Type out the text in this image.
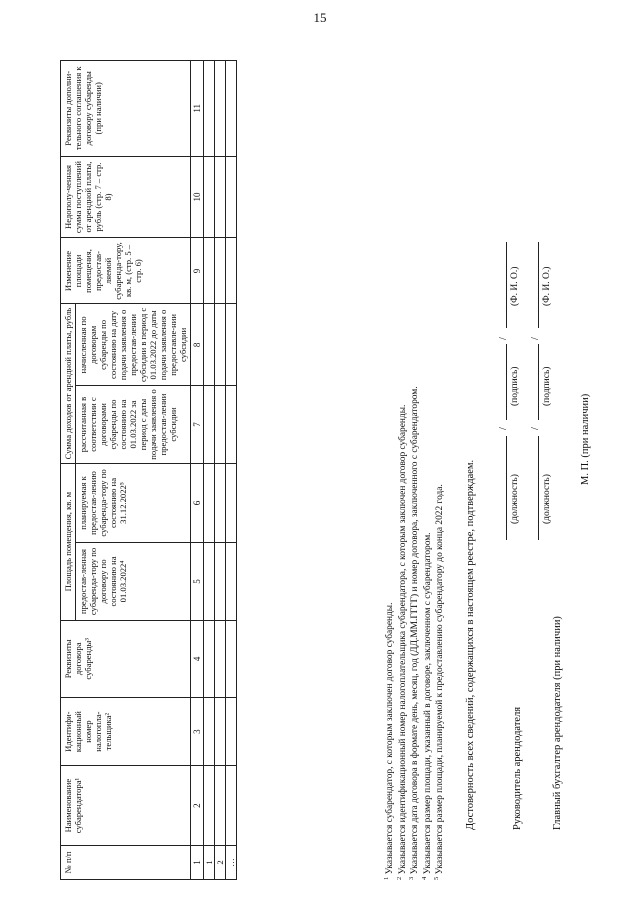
15
№ п/п	Наименование субарендатора¹	Идентифи-кационный номер налогопла-тельщика²	Реквизиты договора субаренды³	Площадь помещения, кв. м		Сумма доходов от арендной платы, рубль		Изменение площади помещения, предостав-ляемой субаренда-тору, кв. м, (стр. 5 – стр. 6)	Недополу-ченная сумма поступлений от арендной платы, рубль (стр. 7 – стр. 8)	Реквизиты дополни-тельного соглашения к договору субаренды (при наличии)
				предостав-ленная субаренда-тору по договору по состоянию на 01.03.2022⁴	планируемая к предостав-лению субаренда-тору по состоянию на 31.12.2022⁵	рассчитанная в соответствии с договорами субаренды по состоянию на 01.03.2022 за период с даты подачи заявления о предостав-лении субсидии	начисленная по договорам субаренды по состоянию на дату подачи заявления о предостав-лении субсидии в период с 01.03.2022 до даты подачи заявления о предоставле-нии субсидии			
1	2	3	4	5	6	7	8	9	10	11
1										
2										
…										
$^1$ Указывается субарендатор, с которым заключен договор субаренды.
$^2$ Указывается идентификационный номер налогоплательщика субарендатора, с которым заключен договор субаренды.
$^3$ Указывается дата договора в формате день, месяц, год (ДД.ММ.ГГГГ) и номер договора, заключенного с субарендатором.
$^4$ Указывается размер площади, указанный в договоре, заключенном с субарендатором.
$^5$ Указывается размер площади, планируемой к предоставлению субарендатору до конца 2022 года. Достоверность всех сведений, содержащихся в настоящем реестре, подтверждаем.	Руководитель арендодателя
/
/
(должность)
(подпись)
(Ф. И. О.)
Главный бухгалтер арендодателя (при наличии)
/
/
(должность)
(подпись)
(Ф. И. О.)
М. П. (при наличии)
